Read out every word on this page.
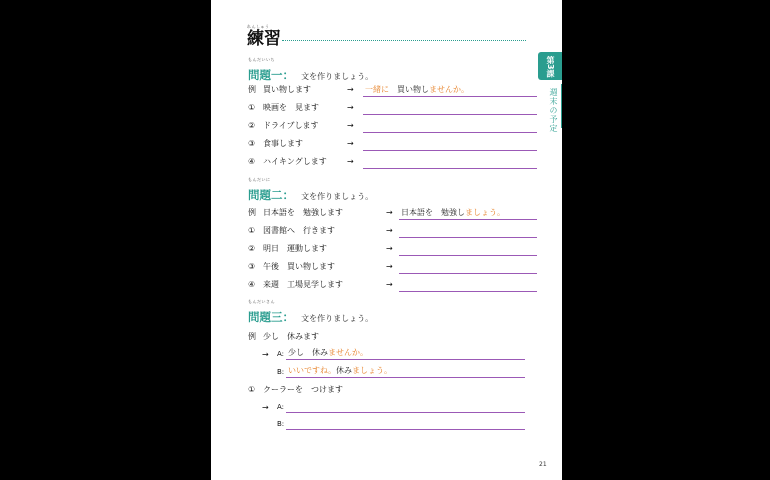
れんしゅう
練習
もんだいいち
問題一： 文を作りましょう。
例 買い物します	→ 一緒に　 買い物しませんか。
① 映画を　見ます	→
② ドライブします	→
③ 食事します	→
④ ハイキングします	→
もんだいに
問題二： 文を作りましょう。
例 日本語を　勉強します	→ 日本語を　勉強しましょう。
① 図書館へ　行きます	→
② 明日　運動します	→
③ 午後　買い物します	→
④ 来週　工場見学します	→
もんだいさん
問題三： 文を作りましょう。
例 少し　休みます
→ A: 少し　休みませんか。
B: いいですね。休みましょう。
① クーラーを　つけます
→ A:
B:
第3課
週末の予定
21
